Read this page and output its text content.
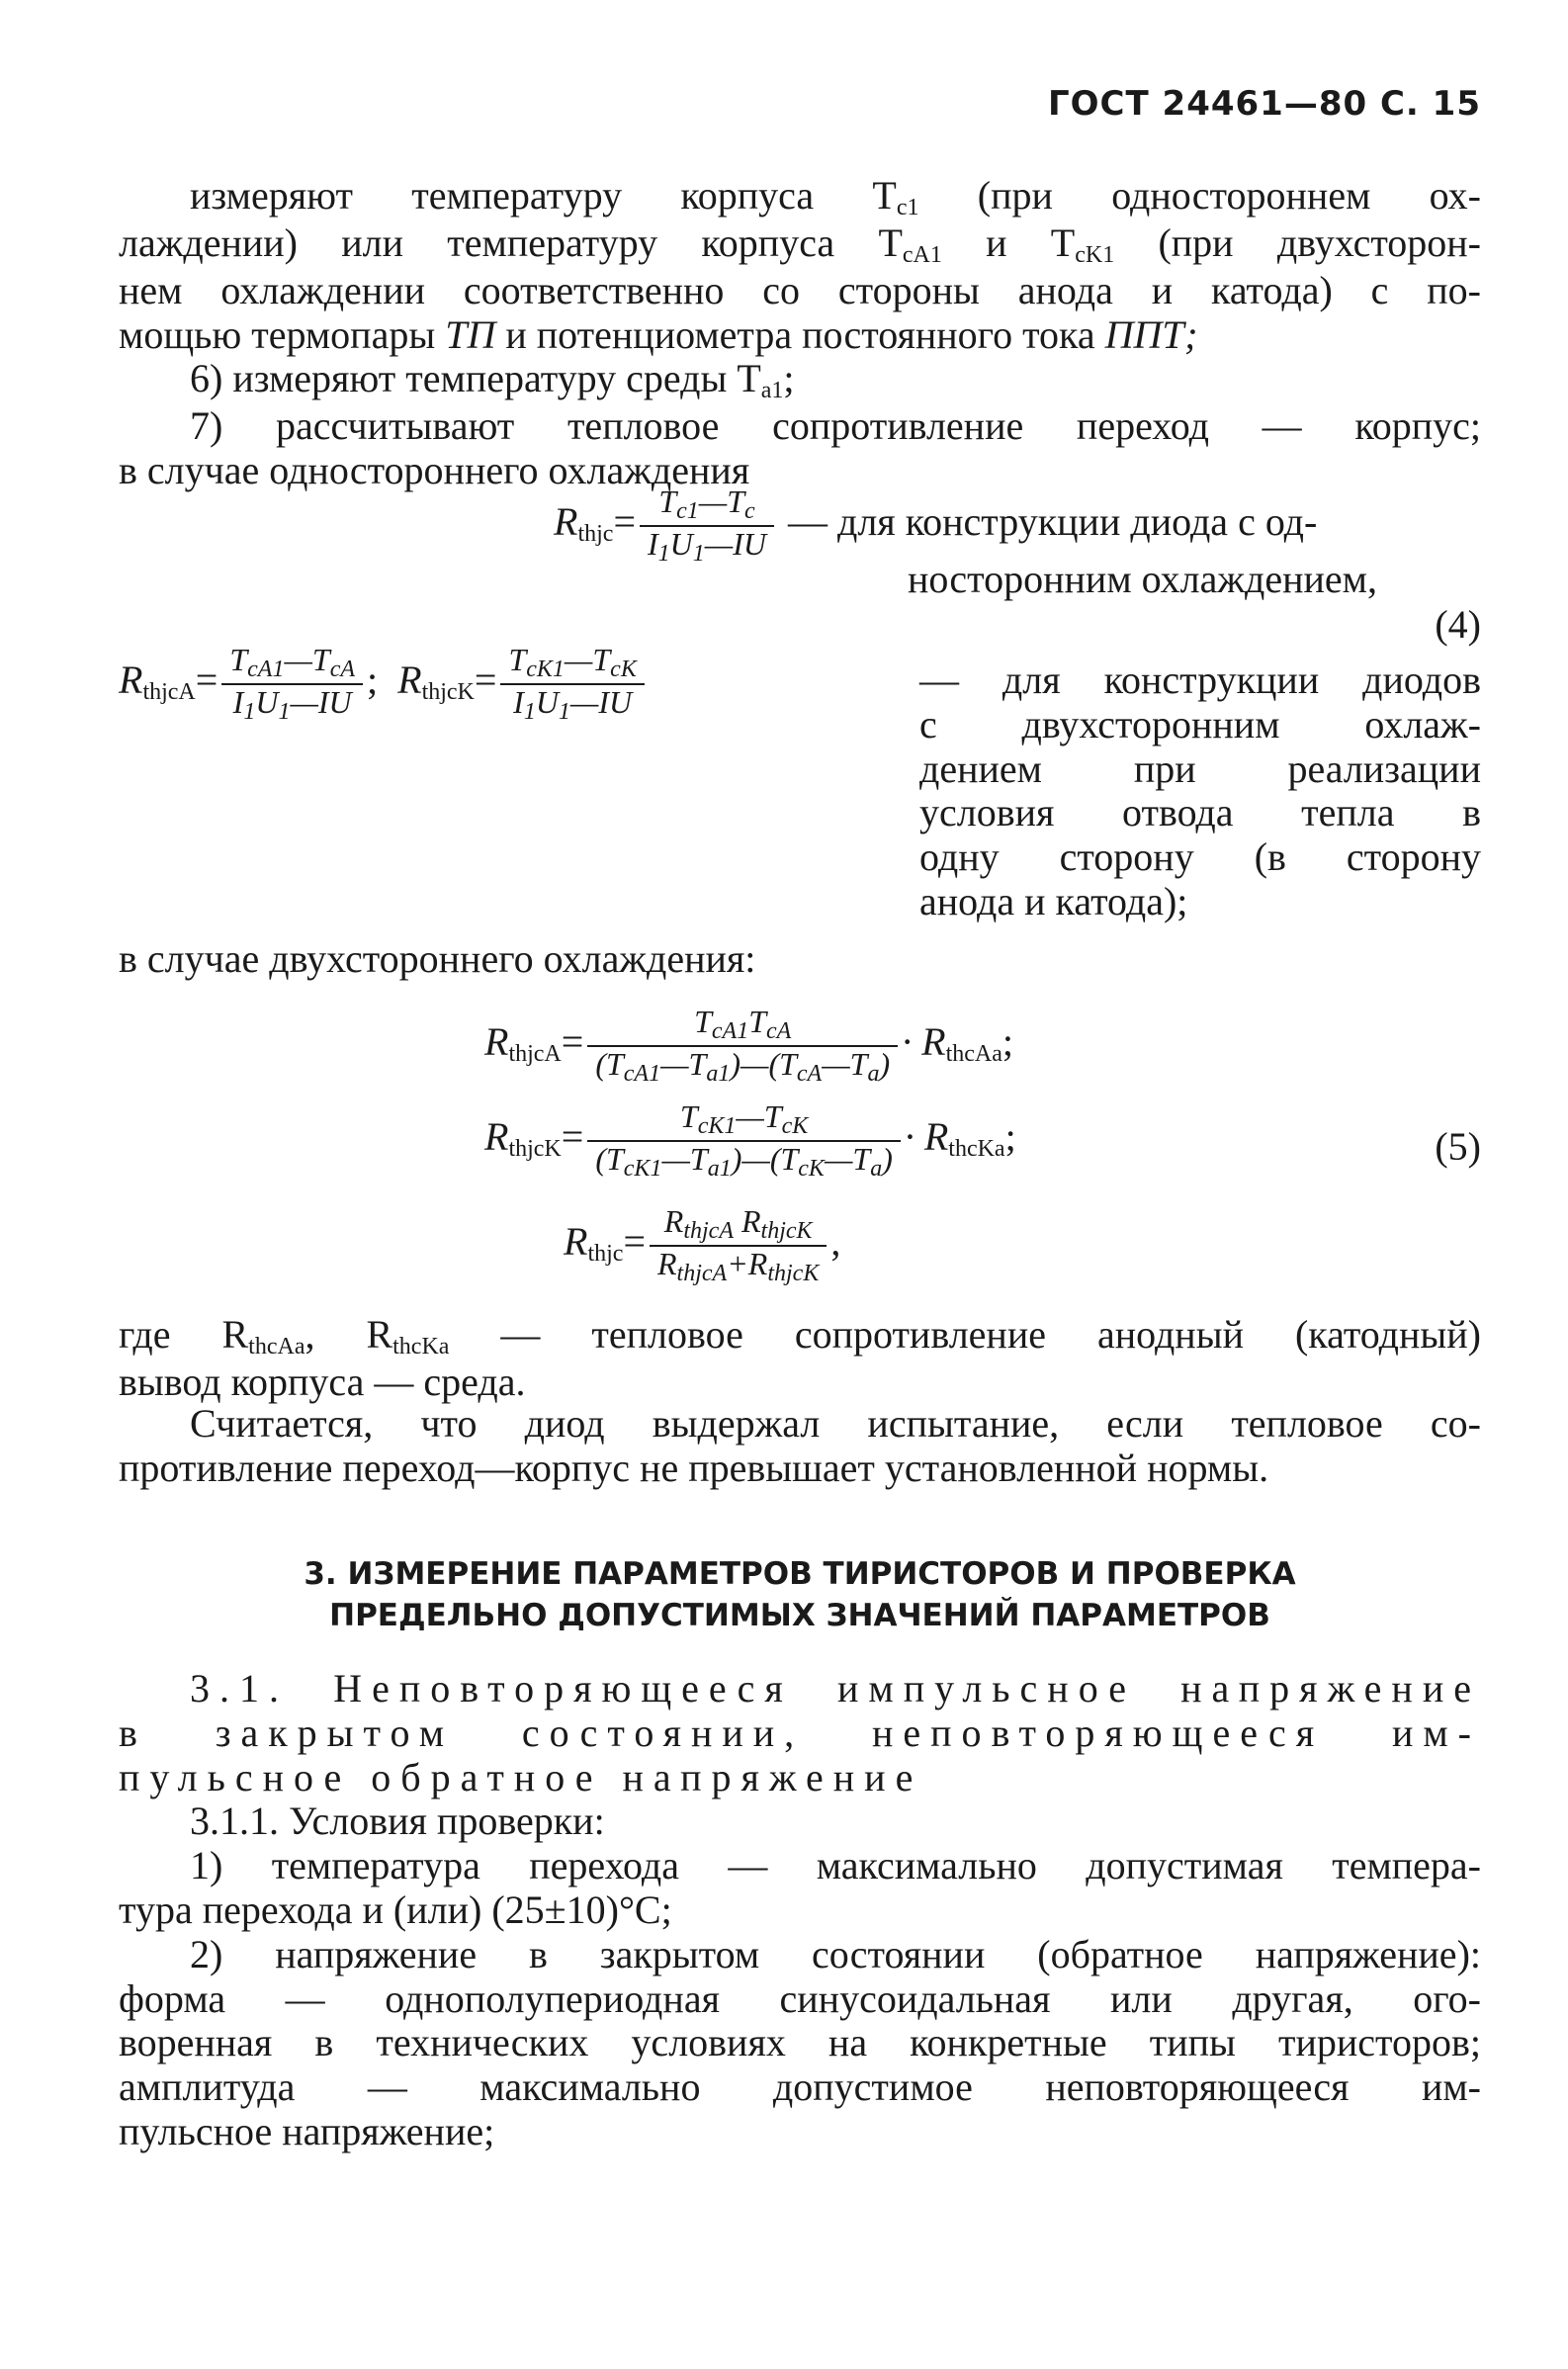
ГОСТ 24461—80 С. 15
измеряют температуру корпуса $T_{c1}$ (при одностороннем ох-
лаждении) или температуру корпуса $T_{cA1}$ и $T_{cK1}$ (при двухсторон-
нем охлаждении соответственно со стороны анода и катода) с по-
мощью термопары ТП и потенциометра постоянного тока ППТ;
6) измеряют температуру среды $T_{a1}$;
7) рассчитывают тепловое сопротивление переход — корпус;
в случае одностороннего охлаждения
$R_{thjc}= \frac{T_{c1}—T_c}{I_1U_1—IU}$ — для конструкции диода с од-
носторонним охлаждением,
(4)
$R_{thjcA}= \frac{T_{cA1}—T_{cA}}{I_1U_1—IU}$ ; $R_{thjcK}= \frac{T_{cK1}—T_{cK}}{I_1U_1—IU}$	— для конструкции диодов
с двухсторонним охлаж-
дением при реализации
условия отвода тепла в
одну сторону (в сторону
анода и катода);
в случае двухстороннего охлаждения:
$R_{thjcA}= \frac{T_{cA1}T_{cA}}{(T_{cA1}—T_{a1})—(T_{cA}—T_a)} \cdot R_{thcAa}$;
$R_{thjcK}= \frac{T_{cK1}—T_{cK}}{(T_{cK1}—T_{a1})—(T_{cK}—T_a)} \cdot R_{thcKa}$;	(5)
$R_{thjc}= \frac{R_{thjcA} R_{thjcK}}{R_{thjcA}+R_{thjcK}}$ ,
где $R_{thcAa}$, $R_{thcKa}$ — тепловое сопротивление анодный (катодный)
вывод корпуса — среда.
Считается, что диод выдержал испытание, если тепловое со-
противление переход—корпус не превышает установленной нормы.
3. ИЗМЕРЕНИЕ ПАРАМЕТРОВ ТИРИСТОРОВ И ПРОВЕРКА
ПРЕДЕЛЬНО ДОПУСТИМЫХ ЗНАЧЕНИЙ ПАРАМЕТРОВ
3.1. Неповторяющееся импульсное напряжение
в закрытом состоянии, неповторяющееся им-
пульсное обратное напряжение
3.1.1. Условия проверки:
1) температура перехода — максимально допустимая темпера-
тура перехода и (или) (25±10)°С;
2) напряжение в закрытом состоянии (обратное напряжение):
форма — однополупериодная синусоидальная или другая, ого-
воренная в технических условиях на конкретные типы тиристоров;
амплитуда — максимально допустимое неповторяющееся им-
пульсное напряжение;
